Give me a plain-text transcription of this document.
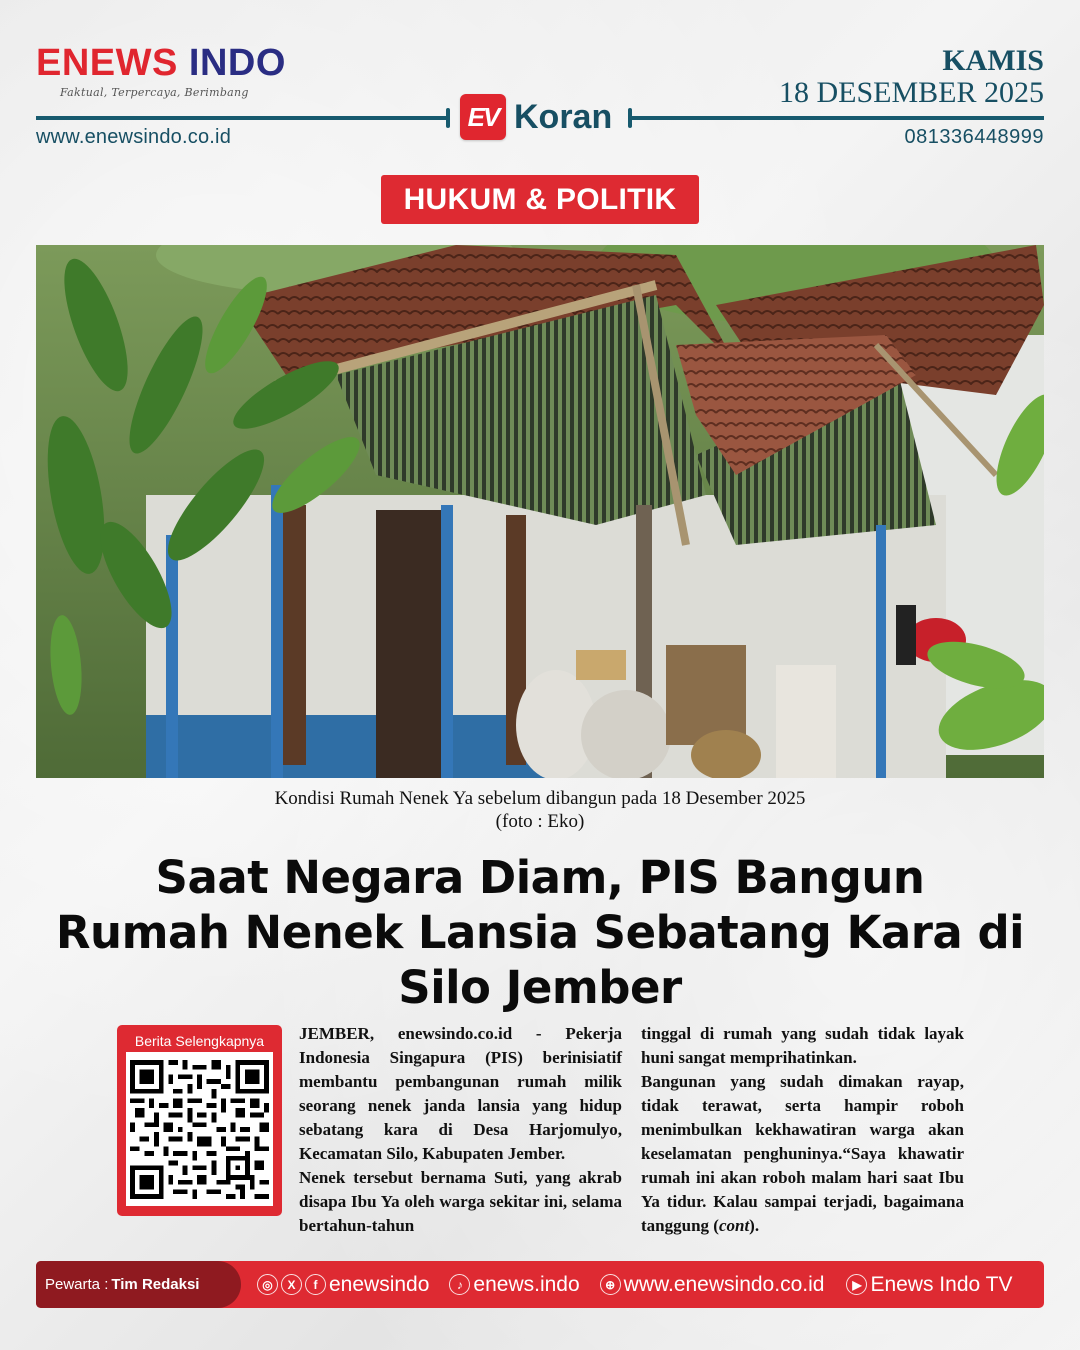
ENEWS INDO
Faktual, Terpercaya, Berimbang
EV Koran
www.enewsindo.co.id	081336448999
KAMIS
18 DESEMBER 2025
HUKUM & POLITIK
Kondisi Rumah Nenek Ya sebelum dibangun pada 18 Desember 2025
(foto : Eko)
Saat Negara Diam, PIS Bangun
Rumah Nenek Lansia Sebatang Kara di
Silo Jember
Berita Selengkapnya	JEMBER, enewsindo.co.id - Pekerja Indonesia Singapura (PIS) berinisiatif membantu pembangunan rumah milik seorang nenek janda lansia yang hidup sebatang kara di Desa Harjomulyo, Kecamatan Silo, Kabupaten Jember.

Nenek tersebut bernama Suti, yang akrab disapa Ibu Ya oleh warga sekitar ini, selama bertahun-tahun

tinggal di rumah yang sudah tidak layak huni sangat memprihatinkan.

Bangunan yang sudah dimakan rayap, tidak terawat, serta hampir roboh menimbulkan kekhawatiran warga akan keselamatan penghuninya.“Saya khawatir rumah ini akan roboh malam hari saat Ibu Ya tidur. Kalau sampai terjadi, bagaimana tanggung (cont).

Pewarta : Tim Redaksi	◎	X	f enewsindo	♪ enews.indo	⊕ www.enewsindo.co.id	▶ Enews Indo TV
